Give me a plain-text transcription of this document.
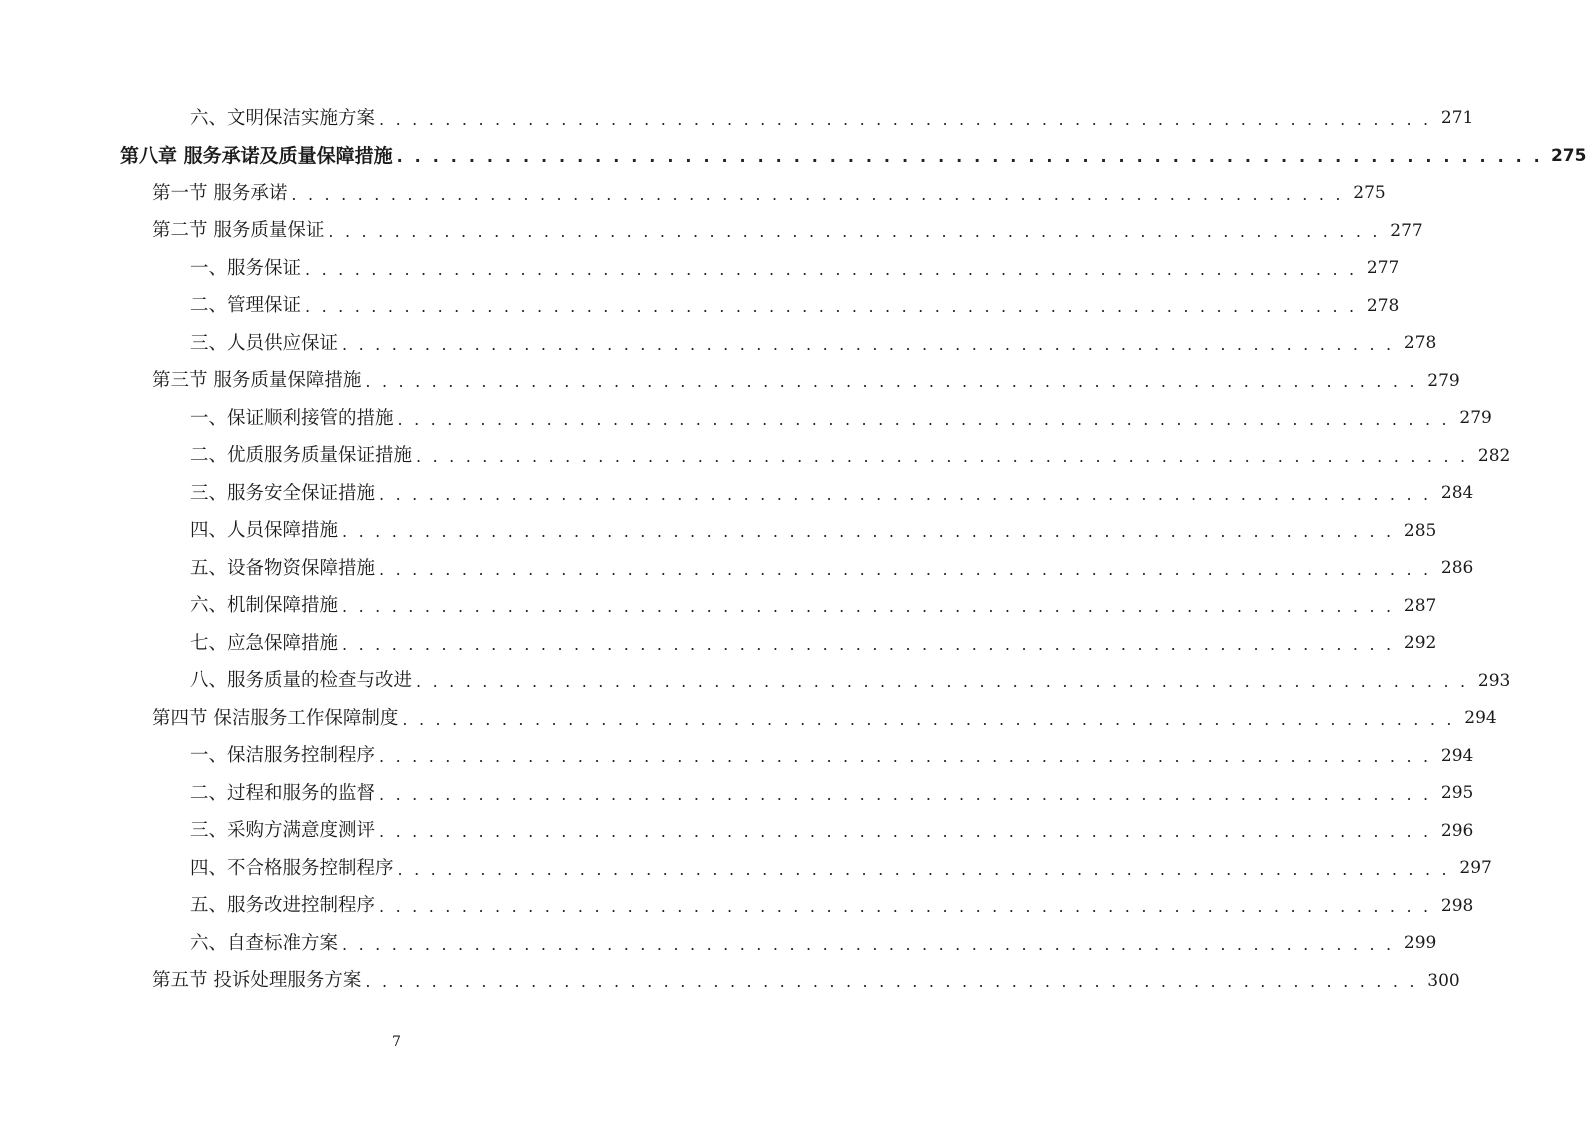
六、文明保洁实施方案 . . . . . . . . . . . . . . . . . . . . . . . . . . . . . . . . . . . . . . . . . . . . . . . . . . . . . . . . . . . . . . . . 271
第八章 服务承诺及质量保障措施 . . . . . . . . . . . . . . . . . . . . . . . . . . . . . . . . . . . . . . . . . . . . . . . . . . . . . . . . . . . . . . . . 275
第一节 服务承诺 . . . . . . . . . . . . . . . . . . . . . . . . . . . . . . . . . . . . . . . . . . . . . . . . . . . . . . . . . . . . . . . . 275
第二节 服务质量保证 . . . . . . . . . . . . . . . . . . . . . . . . . . . . . . . . . . . . . . . . . . . . . . . . . . . . . . . . . . . . . . . . 277
一、服务保证 . . . . . . . . . . . . . . . . . . . . . . . . . . . . . . . . . . . . . . . . . . . . . . . . . . . . . . . . . . . . . . . . 277
二、管理保证 . . . . . . . . . . . . . . . . . . . . . . . . . . . . . . . . . . . . . . . . . . . . . . . . . . . . . . . . . . . . . . . . 278
三、人员供应保证 . . . . . . . . . . . . . . . . . . . . . . . . . . . . . . . . . . . . . . . . . . . . . . . . . . . . . . . . . . . . . . . . 278
第三节 服务质量保障措施 . . . . . . . . . . . . . . . . . . . . . . . . . . . . . . . . . . . . . . . . . . . . . . . . . . . . . . . . . . . . . . . . 279
一、保证顺利接管的措施 . . . . . . . . . . . . . . . . . . . . . . . . . . . . . . . . . . . . . . . . . . . . . . . . . . . . . . . . . . . . . . . . 279
二、优质服务质量保证措施 . . . . . . . . . . . . . . . . . . . . . . . . . . . . . . . . . . . . . . . . . . . . . . . . . . . . . . . . . . . . . . . . 282
三、服务安全保证措施 . . . . . . . . . . . . . . . . . . . . . . . . . . . . . . . . . . . . . . . . . . . . . . . . . . . . . . . . . . . . . . . . 284
四、人员保障措施 . . . . . . . . . . . . . . . . . . . . . . . . . . . . . . . . . . . . . . . . . . . . . . . . . . . . . . . . . . . . . . . . 285
五、设备物资保障措施 . . . . . . . . . . . . . . . . . . . . . . . . . . . . . . . . . . . . . . . . . . . . . . . . . . . . . . . . . . . . . . . . 286
六、机制保障措施 . . . . . . . . . . . . . . . . . . . . . . . . . . . . . . . . . . . . . . . . . . . . . . . . . . . . . . . . . . . . . . . . 287
七、应急保障措施 . . . . . . . . . . . . . . . . . . . . . . . . . . . . . . . . . . . . . . . . . . . . . . . . . . . . . . . . . . . . . . . . 292
八、服务质量的检查与改进 . . . . . . . . . . . . . . . . . . . . . . . . . . . . . . . . . . . . . . . . . . . . . . . . . . . . . . . . . . . . . . . . 293
第四节 保洁服务工作保障制度 . . . . . . . . . . . . . . . . . . . . . . . . . . . . . . . . . . . . . . . . . . . . . . . . . . . . . . . . . . . . . . . . 294
一、保洁服务控制程序 . . . . . . . . . . . . . . . . . . . . . . . . . . . . . . . . . . . . . . . . . . . . . . . . . . . . . . . . . . . . . . . . 294
二、过程和服务的监督 . . . . . . . . . . . . . . . . . . . . . . . . . . . . . . . . . . . . . . . . . . . . . . . . . . . . . . . . . . . . . . . . 295
三、采购方满意度测评 . . . . . . . . . . . . . . . . . . . . . . . . . . . . . . . . . . . . . . . . . . . . . . . . . . . . . . . . . . . . . . . . 296
四、不合格服务控制程序 . . . . . . . . . . . . . . . . . . . . . . . . . . . . . . . . . . . . . . . . . . . . . . . . . . . . . . . . . . . . . . . . 297
五、服务改进控制程序 . . . . . . . . . . . . . . . . . . . . . . . . . . . . . . . . . . . . . . . . . . . . . . . . . . . . . . . . . . . . . . . . 298
六、自查标准方案 . . . . . . . . . . . . . . . . . . . . . . . . . . . . . . . . . . . . . . . . . . . . . . . . . . . . . . . . . . . . . . . . 299
第五节 投诉处理服务方案 . . . . . . . . . . . . . . . . . . . . . . . . . . . . . . . . . . . . . . . . . . . . . . . . . . . . . . . . . . . . . . . . 300
7
